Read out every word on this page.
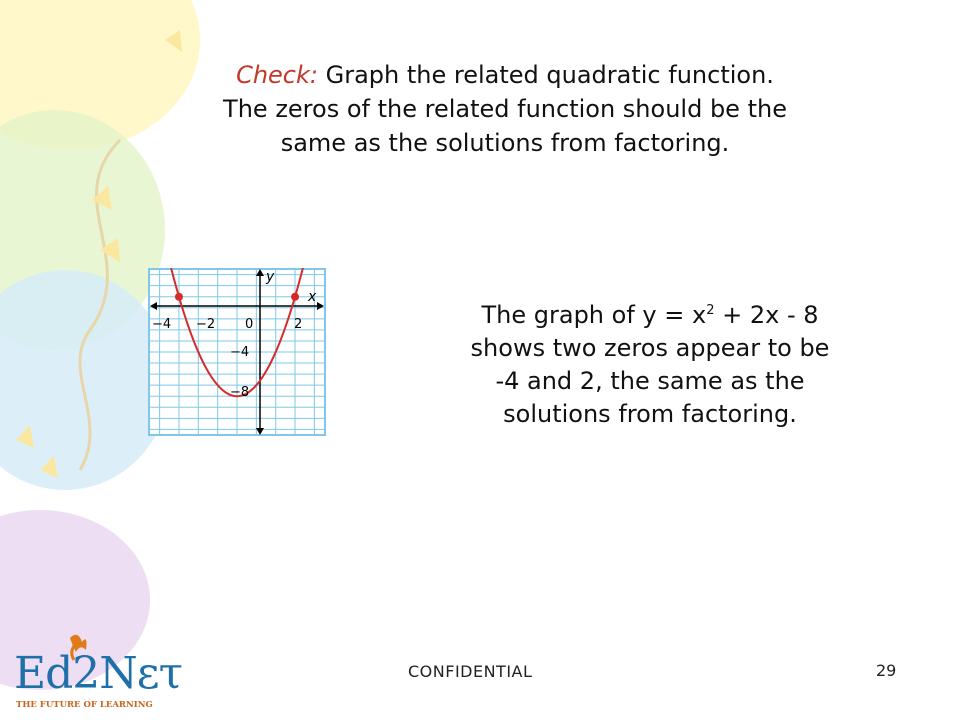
Check: Graph the related quadratic function.
The zeros of the related function should be the
same as the solutions from factoring.
y
x
−4 −2 0	2
−4
−8
The graph of $y = x^2 + 2x - 8$
shows two zeros appear to be
-4 and 2, the same as the
solutions from factoring.
CONFIDENTIAL	29
Ed2Nετ
THE FUTURE OF LEARNING
